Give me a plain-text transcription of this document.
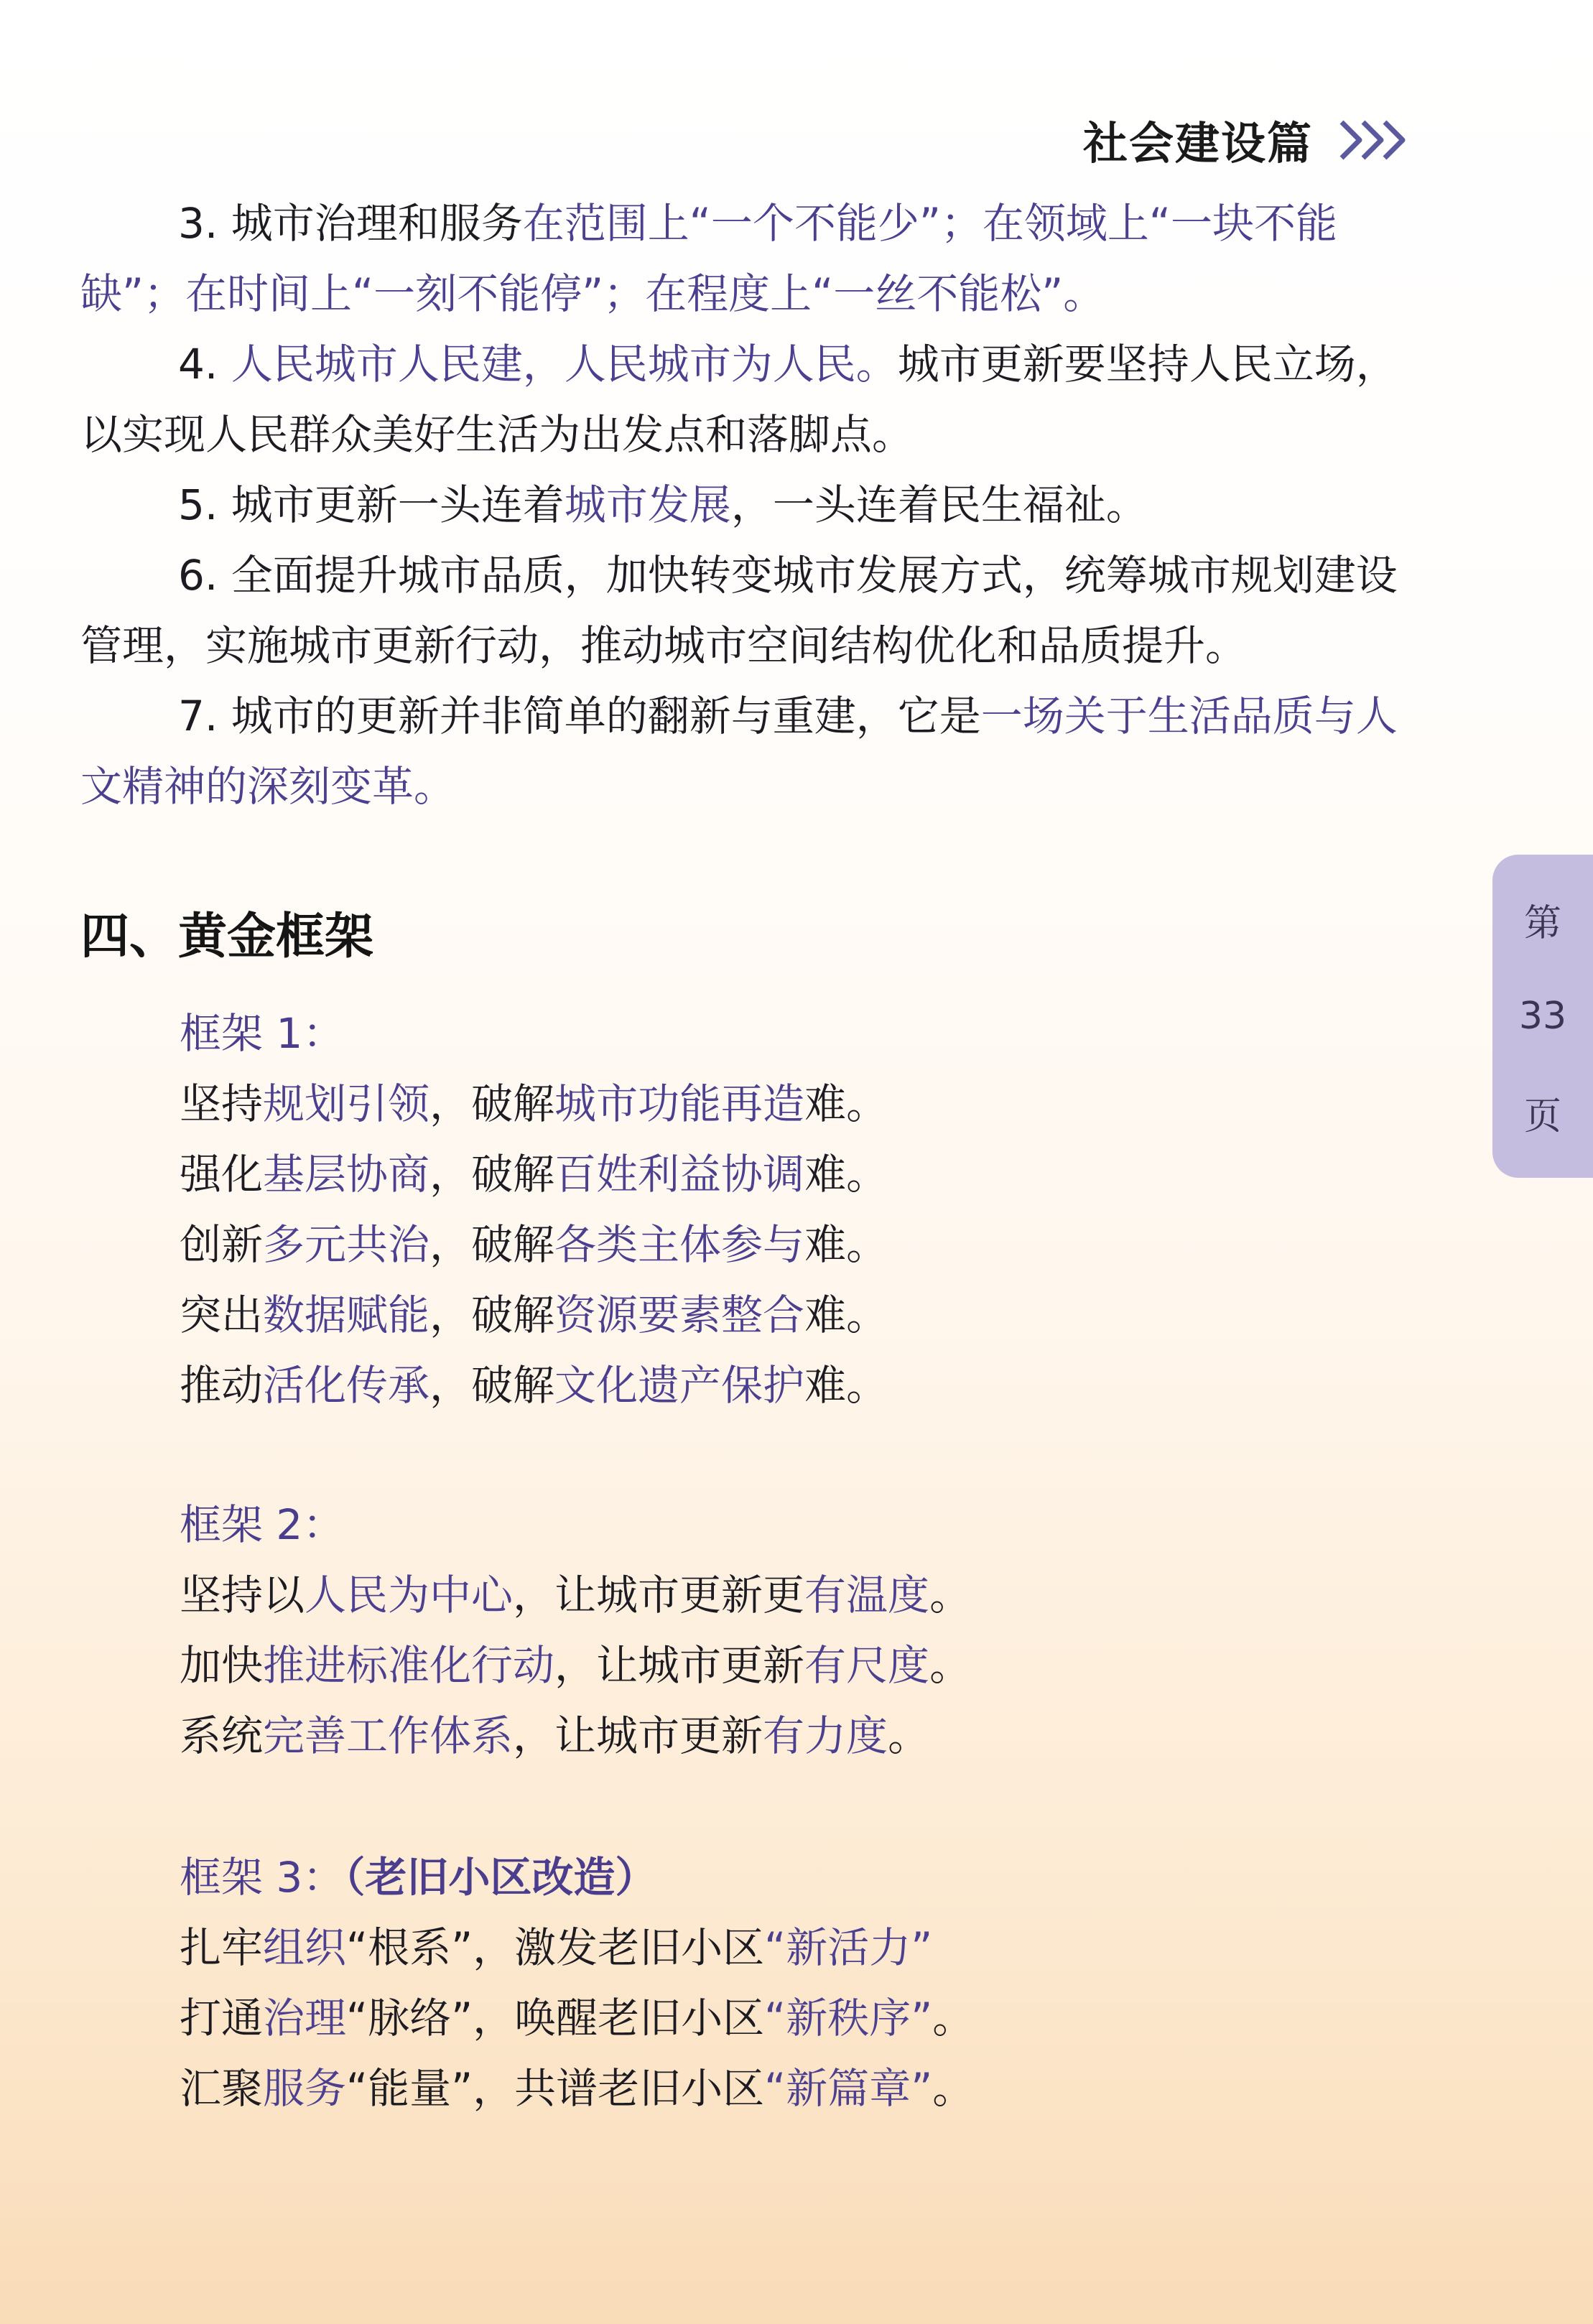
社会建设篇

3. 城市治理和服务在范围上“一个不能少”；在领域上“一块不能缺”；在时间上“一刻不能停”；在程度上“一丝不能松”。

4. 人民城市人民建，人民城市为人民。城市更新要坚持人民立场，以实现人民群众美好生活为出发点和落脚点。

5. 城市更新一头连着城市发展，一头连着民生福祉。

6. 全面提升城市品质，加快转变城市发展方式，统筹城市规划建设管理，实施城市更新行动，推动城市空间结构优化和品质提升。

7. 城市的更新并非简单的翻新与重建，它是一场关于生活品质与人文精神的深刻变革。

四、黄金框架
框架 1：
坚持规划引领，破解城市功能再造难。
强化基层协商，破解百姓利益协调难。
创新多元共治，破解各类主体参与难。
突出数据赋能，破解资源要素整合难。
推动活化传承，破解文化遗产保护难。
框架 2：
坚持以人民为中心，让城市更新更有温度。
加快推进标准化行动，让城市更新有尺度。
系统完善工作体系，让城市更新有力度。
框架 3：（老旧小区改造）
扎牢组织“根系”，激发老旧小区“新活力”
打通治理“脉络”，唤醒老旧小区“新秩序”。
汇聚服务“能量”，共谱老旧小区“新篇章”。
第
33
页
